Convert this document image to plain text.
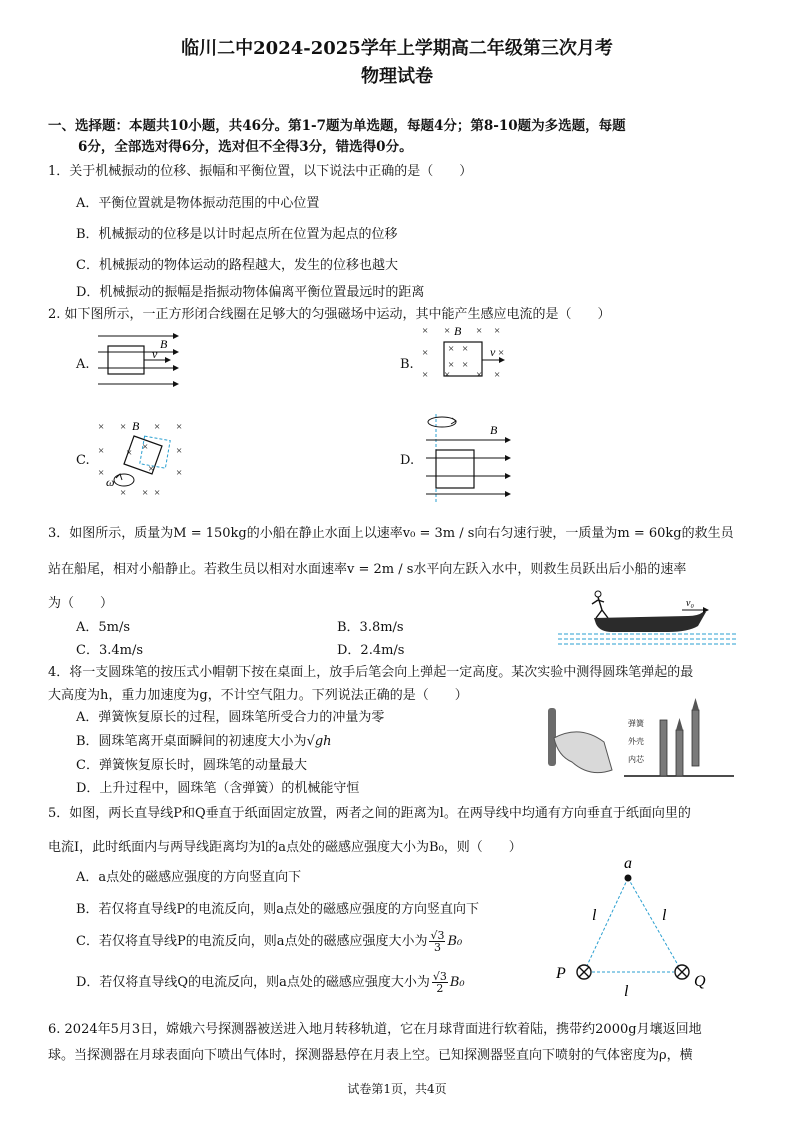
临川二中2024-2025学年上学期高二年级第三次月考
物理试卷
一、选择题：本题共10小题，共46分。第1-7题为单选题，每题4分；第8-10题为多选题，每题
6分，全部选对得6分，选对但不全得3分，错选得0分。
1．关于机械振动的位移、振幅和平衡位置，以下说法中正确的是（　　）
A．平衡位置就是物体振动范围的中心位置
B．机械振动的位移是以计时起点所在位置为起点的位移
C．机械振动的物体运动的路程越大，发生的位移也越大
D．机械振动的振幅是指振动物体偏离平衡位置最远时的距离
2. 如下图所示，一正方形闭合线圈在足够大的匀强磁场中运动，其中能产生感应电流的是（　　）
A.
B
v
B.
× × × ×
×	×
× × × ×
× ×
× ×
B
v
C.
× ×	× ×
×	×
×	×
× × ×
× ×
×
B
ω
D.
B
3．如图所示，质量为M = 150kg的小船在静止水面上以速率v₀ = 3m / s向右匀速行驶，一质量为m = 60kg的救生员
站在船尾，相对小船静止。若救生员以相对水面速率v = 2m / s水平向左跃入水中，则救生员跃出后小船的速率
为（　　）
A．5m/s	B．3.8m/s
C．3.4m/s	D．2.4m/s
v₀
4．将一支圆珠笔的按压式小帽朝下按在桌面上，放手后笔会向上弹起一定高度。某次实验中测得圆珠笔弹起的最
大高度为h，重力加速度为g，不计空气阻力。下列说法正确的是（　　）
A．弹簧恢复原长的过程，圆珠笔所受合力的冲量为零
B．圆珠笔离开桌面瞬间的初速度大小为√gh
C．弹簧恢复原长时，圆珠笔的动量最大
D．上升过程中，圆珠笔（含弹簧）的机械能守恒
弹簧
外壳
内芯
5．如图，两长直导线P和Q垂直于纸面固定放置，两者之间的距离为l。在两导线中均通有方向垂直于纸面向里的
电流I，此时纸面内与两导线距离均为l的a点处的磁感应强度大小为B₀，则（　　）
A．a点处的磁感应强度的方向竖直向下
B．若仅将直导线P的电流反向，则a点处的磁感应强度的方向竖直向下
C．若仅将直导线P的电流反向，则a点处的磁感应强度大小为 $\frac{√3}{3} B_0$
D．若仅将直导线Q的电流反向，则a点处的磁感应强度大小为 $\frac{√3}{2} B_0$
a
l	l
l
P	Q
6. 2024年5月3日，嫦娥六号探测器被送进入地月转移轨道，它在月球背面进行软着陆，携带约2000g月壤返回地
球。当探测器在月球表面向下喷出气体时，探测器悬停在月表上空。已知探测器竖直向下喷射的气体密度为ρ，横
试卷第1页，共4页
